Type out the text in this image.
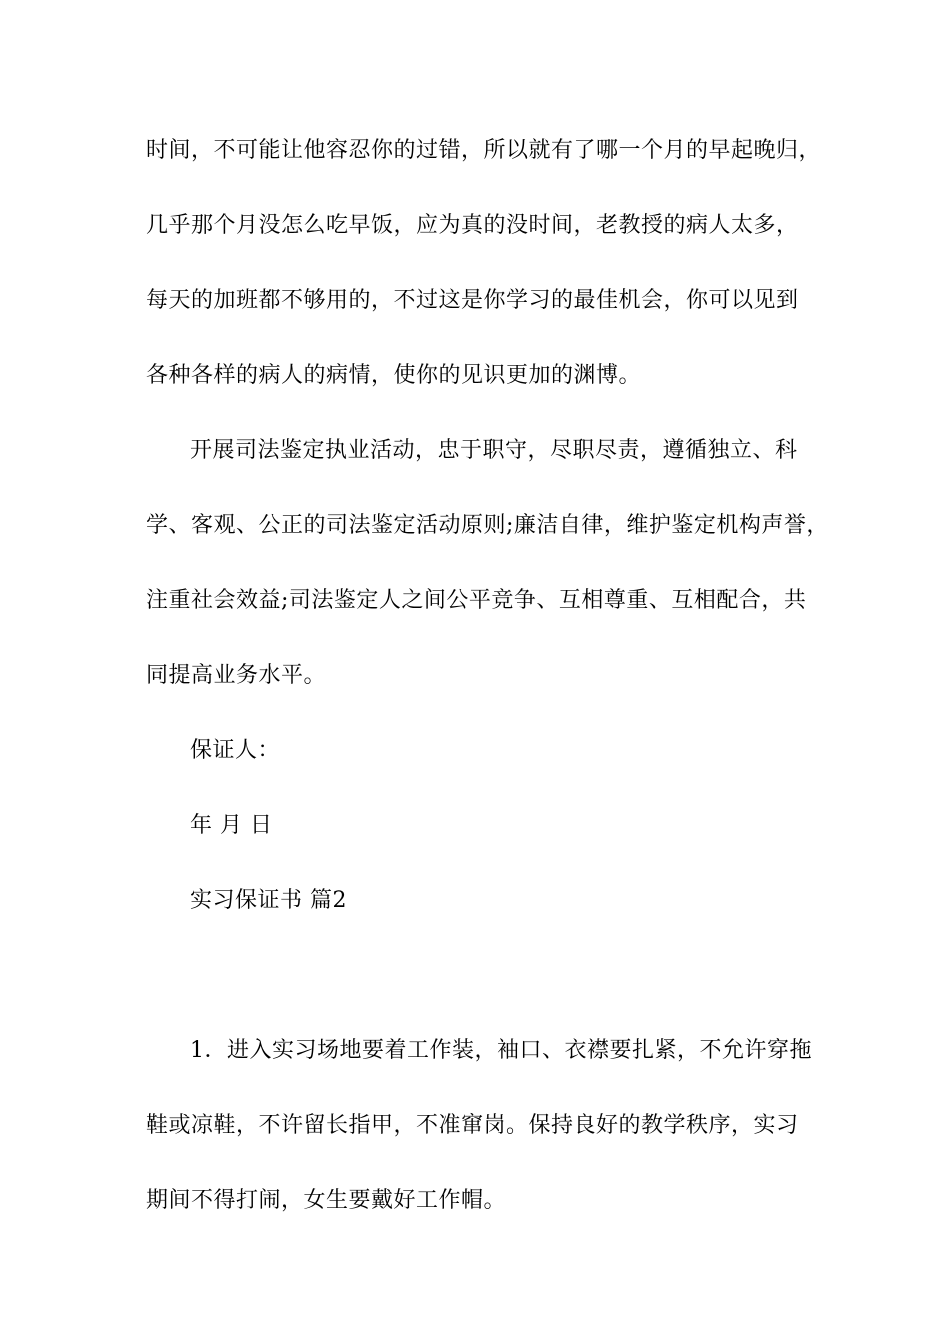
时间，不可能让他容忍你的过错，所以就有了哪一个月的早起晚归，
几乎那个月没怎么吃早饭，应为真的没时间，老教授的病人太多，
每天的加班都不够用的，不过这是你学习的最佳机会，你可以见到
各种各样的病人的病情，使你的见识更加的渊博。
开展司法鉴定执业活动，忠于职守，尽职尽责，遵循独立、科
学、客观、公正的司法鉴定活动原则;廉洁自律，维护鉴定机构声誉，
注重社会效益;司法鉴定人之间公平竞争、互相尊重、互相配合，共
同提高业务水平。
保证人：
年 月 日
实习保证书 篇2
1．进入实习场地要着工作装，袖口、衣襟要扎紧，不允许穿拖
鞋或凉鞋，不许留长指甲，不准窜岗。保持良好的教学秩序，实习
期间不得打闹，女生要戴好工作帽。
